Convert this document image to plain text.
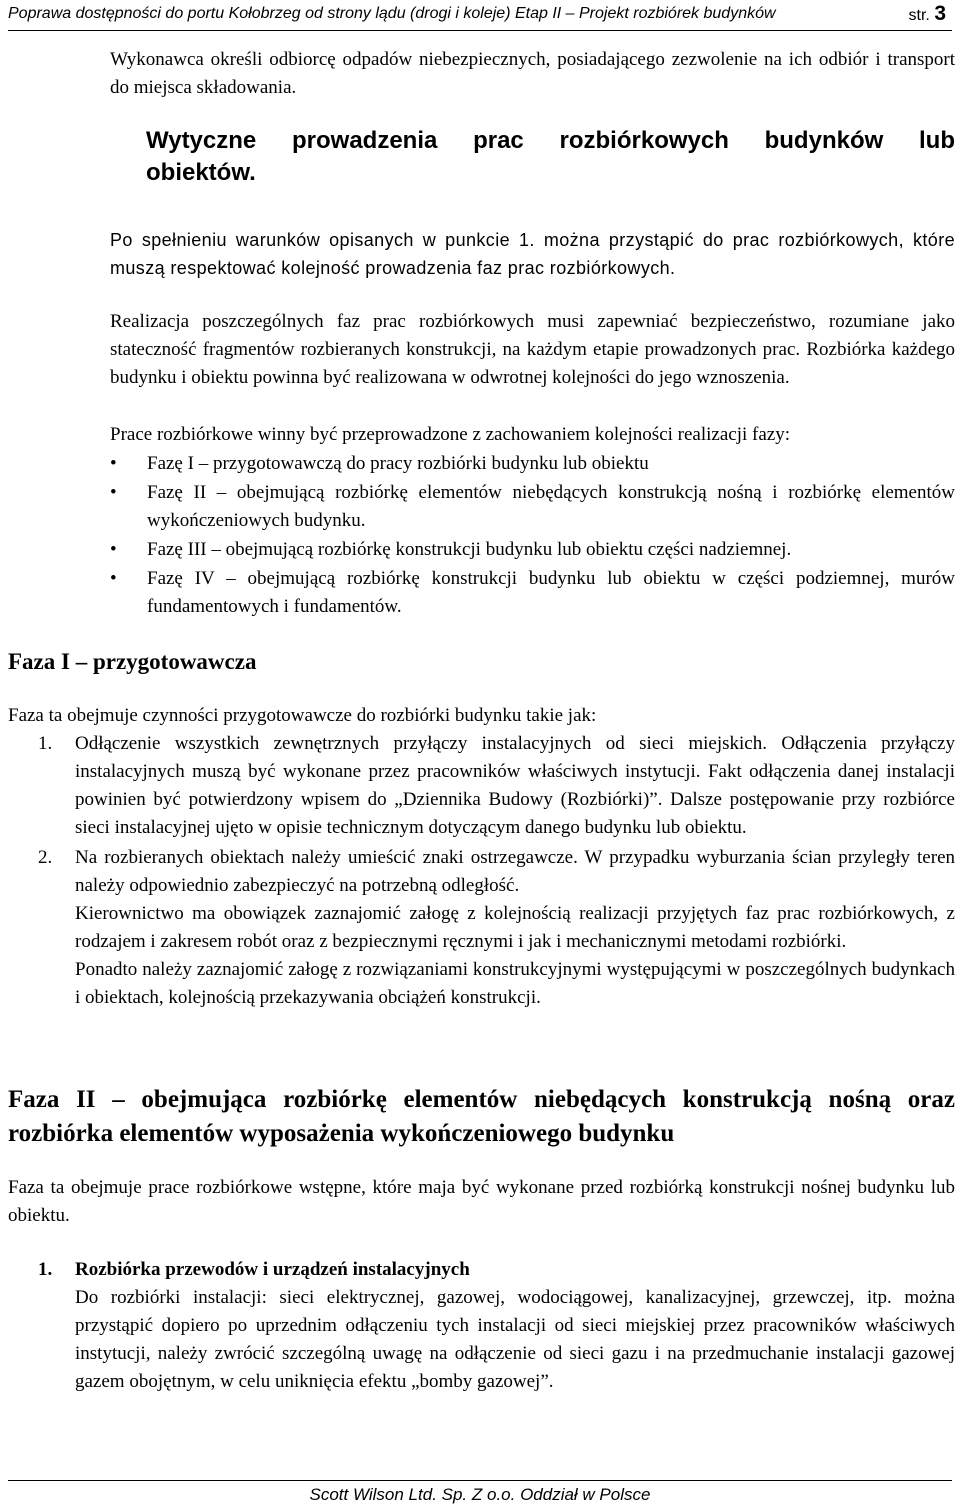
Poprawa dostępności do portu Kołobrzeg od strony lądu (drogi i koleje) Etap II – Projekt rozbiórek budynków	str. 3
Wykonawca określi odbiorcę odpadów niebezpiecznych, posiadającego zezwolenie na ich odbiór i transport do miejsca składowania.
Wytyczne prowadzenia prac rozbiórkowych budynków lub
obiektów.
Po spełnieniu warunków opisanych w punkcie 1. można przystąpić do prac rozbiórkowych, które muszą respektować kolejność prowadzenia faz prac rozbiórkowych.
Realizacja poszczególnych faz prac rozbiórkowych musi zapewniać bezpieczeństwo, rozumiane jako stateczność fragmentów rozbieranych konstrukcji, na każdym etapie prowadzonych prac. Rozbiórka każdego budynku i obiektu powinna być realizowana w odwrotnej kolejności do jego wznoszenia.
Prace rozbiórkowe winny być przeprowadzone z zachowaniem kolejności realizacji fazy:
• Fazę I – przygotowawczą do pracy rozbiórki budynku lub obiektu
• Fazę II – obejmującą rozbiórkę elementów niebędących konstrukcją nośną i rozbiórkę elementów wykończeniowych budynku.
• Fazę III – obejmującą rozbiórkę konstrukcji budynku lub obiektu części nadziemnej.
• Fazę IV – obejmującą rozbiórkę konstrukcji budynku lub obiektu w części podziemnej, murów fundamentowych i fundamentów.
Faza I – przygotowawcza
Faza ta obejmuje czynności przygotowawcze do rozbiórki budynku takie jak:
1. Odłączenie wszystkich zewnętrznych przyłączy instalacyjnych od sieci miejskich. Odłączenia przyłączy instalacyjnych muszą być wykonane przez pracowników właściwych instytucji. Fakt odłączenia danej instalacji powinien być potwierdzony wpisem do „Dziennika Budowy (Rozbiórki)”. Dalsze postępowanie przy rozbiórce sieci instalacyjnej ujęto w opisie technicznym dotyczącym danego budynku lub obiektu.
2. Na rozbieranych obiektach należy umieścić znaki ostrzegawcze. W przypadku wyburzania ścian przyległy teren należy odpowiednio zabezpieczyć na potrzebną odległość.
Kierownictwo ma obowiązek zaznajomić załogę z kolejnością realizacji przyjętych faz prac rozbiórkowych, z rodzajem i zakresem robót oraz z bezpiecznymi ręcznymi i jak i mechanicznymi metodami rozbiórki.
Ponadto należy zaznajomić załogę z rozwiązaniami konstrukcyjnymi występującymi w poszczególnych budynkach i obiektach, kolejnością przekazywania obciążeń konstrukcji.
Faza II – obejmująca rozbiórkę elementów niebędących konstrukcją nośną oraz rozbiórka elementów wyposażenia wykończeniowego budynku
Faza ta obejmuje prace rozbiórkowe wstępne, które maja być wykonane przed rozbiórką konstrukcji nośnej budynku lub obiektu.
1. Rozbiórka przewodów i urządzeń instalacyjnych
Do rozbiórki instalacji: sieci elektrycznej, gazowej, wodociągowej, kanalizacyjnej, grzewczej, itp. można przystąpić dopiero po uprzednim odłączeniu tych instalacji od sieci miejskiej przez pracowników właściwych instytucji, należy zwrócić szczególną uwagę na odłączenie od sieci gazu i na przedmuchanie instalacji gazowej gazem obojętnym, w celu uniknięcia efektu „bomby gazowej”.
Scott Wilson Ltd. Sp. Z o.o. Oddział w Polsce
